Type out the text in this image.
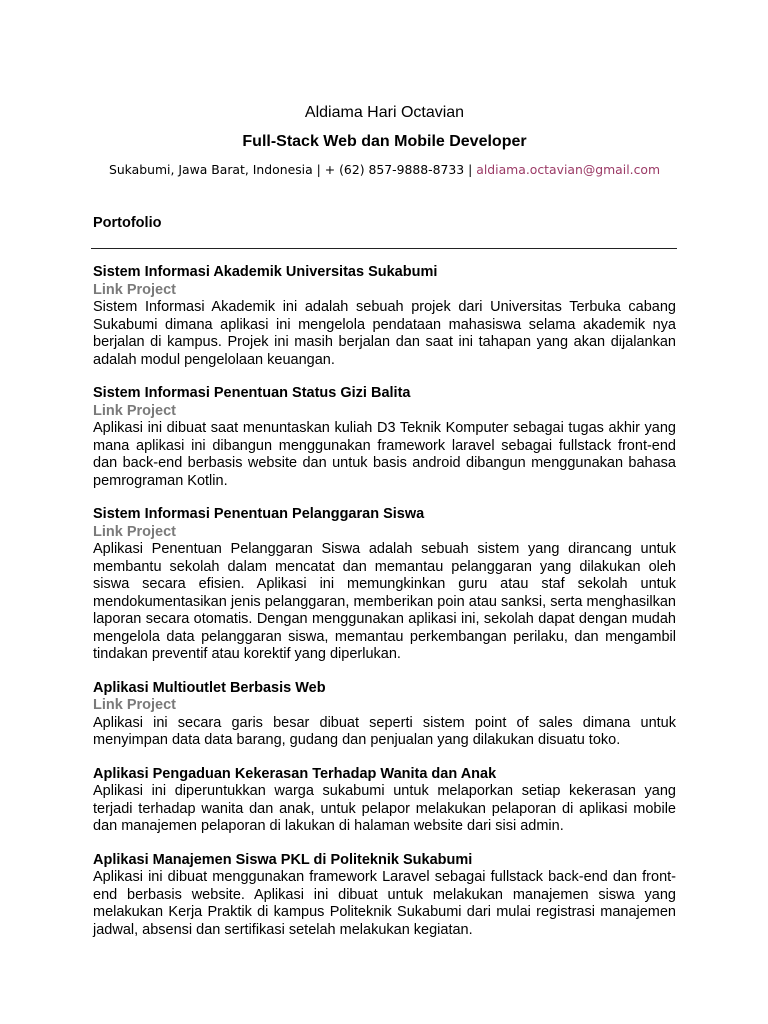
Aldiama Hari Octavian
Full-Stack Web dan Mobile Developer
Sukabumi, Jawa Barat, Indonesia | + (62) 857-9888-8733 | aldiama.octavian@gmail.com
Portofolio
Sistem Informasi Akademik Universitas Sukabumi
Link Project
Sistem Informasi Akademik ini adalah sebuah projek dari Universitas Terbuka cabang Sukabumi dimana aplikasi ini mengelola pendataan mahasiswa selama akademik nya berjalan di kampus. Projek ini masih berjalan dan saat ini tahapan yang akan dijalankan adalah modul pengelolaan keuangan.
Sistem Informasi Penentuan Status Gizi Balita
Link Project
Aplikasi ini dibuat saat menuntaskan kuliah D3 Teknik Komputer sebagai tugas akhir yang mana aplikasi ini dibangun menggunakan framework laravel sebagai fullstack front-end dan back-end berbasis website dan untuk basis android dibangun menggunakan bahasa pemrograman Kotlin.
Sistem Informasi Penentuan Pelanggaran Siswa
Link Project
Aplikasi Penentuan Pelanggaran Siswa adalah sebuah sistem yang dirancang untuk membantu sekolah dalam mencatat dan memantau pelanggaran yang dilakukan oleh siswa secara efisien. Aplikasi ini memungkinkan guru atau staf sekolah untuk mendokumentasikan jenis pelanggaran, memberikan poin atau sanksi, serta menghasilkan laporan secara otomatis. Dengan menggunakan aplikasi ini, sekolah dapat dengan mudah mengelola data pelanggaran siswa, memantau perkembangan perilaku, dan mengambil tindakan preventif atau korektif yang diperlukan.
Aplikasi Multioutlet Berbasis Web
Link Project
Aplikasi ini secara garis besar dibuat seperti sistem point of sales dimana untuk menyimpan data data barang, gudang dan penjualan yang dilakukan disuatu toko.
Aplikasi Pengaduan Kekerasan Terhadap Wanita dan Anak
Aplikasi ini diperuntukkan warga sukabumi untuk melaporkan setiap kekerasan yang terjadi terhadap wanita dan anak, untuk pelapor melakukan pelaporan di aplikasi mobile dan manajemen pelaporan di lakukan di halaman website dari sisi admin.
Aplikasi Manajemen Siswa PKL di Politeknik Sukabumi
Aplikasi ini dibuat menggunakan framework Laravel sebagai fullstack back-end dan front-end berbasis website. Aplikasi ini dibuat untuk melakukan manajemen siswa yang melakukan Kerja Praktik di kampus Politeknik Sukabumi dari mulai registrasi manajemen jadwal, absensi dan sertifikasi setelah melakukan kegiatan.
